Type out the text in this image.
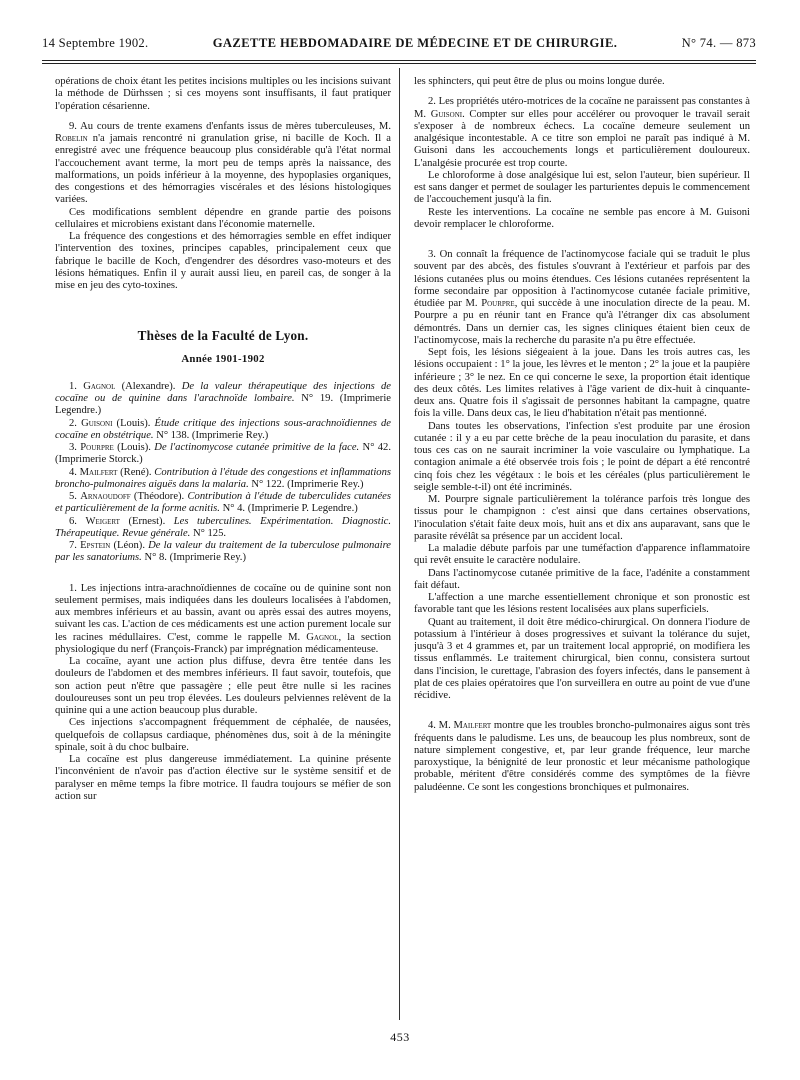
14 Septembre 1902.	GAZETTE HEBDOMADAIRE DE MÉDECINE ET DE CHIRURGIE.	N° 74. — 873

opérations de choix étant les petites incisions multiples ou les incisions suivant la méthode de Dürhssen ; si ces moyens sont insuffisants, il faut pratiquer l'opération césarienne.

9. Au cours de trente examens d'enfants issus de mères tuberculeuses, M. Robelin n'a jamais rencontré ni granulation grise, ni bacille de Koch. Il a enregistré avec une fréquence beaucoup plus considérable qu'à l'état normal l'accouchement avant terme, la mort peu de temps après la naissance, des malformations, un poids inférieur à la moyenne, des hypoplasies organiques, des congestions et des hémorragies viscérales et des lésions histologiques variées.

Ces modifications semblent dépendre en grande partie des poisons cellulaires et microbiens existant dans l'économie maternelle.

La fréquence des congestions et des hémorragies semble en effet indiquer l'intervention des toxines, principes capables, principalement ceux que fabrique le bacille de Koch, d'engendrer des désordres vaso-moteurs et des lésions hématiques. Enfin il y aurait aussi lieu, en pareil cas, de songer à la mise en jeu des cyto-toxines.

Thèses de la Faculté de Lyon.
Année 1901-1902

1. Gagnol (Alexandre). De la valeur thérapeutique des injections de cocaïne ou de quinine dans l'arachnoïde lombaire. N° 19. (Imprimerie Legendre.)

2. Guisoni (Louis). Étude critique des injections sous-arachnoïdiennes de cocaïne en obstétrique. N° 138. (Imprimerie Rey.)

3. Pourpre (Louis). De l'actinomycose cutanée primitive de la face. N° 42. (Imprimerie Storck.)

4. Mailfert (René). Contribution à l'étude des congestions et inflammations broncho-pulmonaires aiguës dans la malaria. N° 122. (Imprimerie Rey.)

5. Arnaoudoff (Théodore). Contribution à l'étude de tuberculides cutanées et particulièrement de la forme acnitis. N° 4. (Imprimerie P. Legendre.)

6. Weigert (Ernest). Les tuberculines. Expérimentation. Diagnostic. Thérapeutique. Revue générale. N° 125.

7. Epstein (Léon). De la valeur du traitement de la tuberculose pulmonaire par les sanatoriums. N° 8. (Imprimerie Rey.)

1. Les injections intra-arachnoïdiennes de cocaïne ou de quinine sont non seulement permises, mais indiquées dans les douleurs localisées à l'abdomen, aux membres inférieurs et au bassin, avant ou après essai des autres moyens, suivant les cas. L'action de ces médicaments est une action purement locale sur les racines médullaires. C'est, comme le rappelle M. Gagnol, la section physiologique du nerf (François-Franck) par imprégnation médicamenteuse.

La cocaïne, ayant une action plus diffuse, devra être tentée dans les douleurs de l'abdomen et des membres inférieurs. Il faut savoir, toutefois, que son action peut n'être que passagère ; elle peut être nulle si les racines douloureuses sont un peu trop élevées. Les douleurs pelviennes relèvent de la quinine qui a une action beaucoup plus durable.

Ces injections s'accompagnent fréquemment de céphalée, de nausées, quelquefois de collapsus cardiaque, phénomènes dus, soit à de la méningite spinale, soit à du choc bulbaire.

La cocaïne est plus dangereuse immédiatement. La quinine présente l'inconvénient de n'avoir pas d'action élective sur le système sensitif et de paralyser en même temps la fibre motrice. Il faudra toujours se méfier de son action sur

les sphincters, qui peut être de plus ou moins longue durée.

2. Les propriétés utéro-motrices de la cocaïne ne paraissent pas constantes à M. Guisoni. Compter sur elles pour accélérer ou provoquer le travail serait s'exposer à de nombreux échecs. La cocaïne demeure seulement un analgésique incontestable. A ce titre son emploi ne paraît pas indiqué à M. Guisoni dans les accouchements longs et particulièrement douloureux. L'analgésie procurée est trop courte.

Le chloroforme à dose analgésique lui est, selon l'auteur, bien supérieur. Il est sans danger et permet de soulager les parturientes depuis le commencement de l'accouchement jusqu'à la fin.

Reste les interventions. La cocaïne ne semble pas encore à M. Guisoni devoir remplacer le chloroforme.

3. On connaît la fréquence de l'actinomycose faciale qui se traduit le plus souvent par des abcès, des fistules s'ouvrant à l'extérieur et parfois par des lésions cutanées plus ou moins étendues. Ces lésions cutanées représentent la forme secondaire par opposition à l'actinomycose cutanée faciale primitive, étudiée par M. Pourpre, qui succède à une inoculation directe de la peau. M. Pourpre a pu en réunir tant en France qu'à l'étranger dix cas absolument démontrés. Dans un dernier cas, les signes cliniques étaient bien ceux de l'actinomycose, mais la recherche du parasite n'a pu être effectuée.

Sept fois, les lésions siégeaient à la joue. Dans les trois autres cas, les lésions occupaient : 1° la joue, les lèvres et le menton ; 2° la joue et la paupière inférieure ; 3° le nez. En ce qui concerne le sexe, la proportion était identique des deux côtés. Les limites relatives à l'âge varient de dix-huit à cinquante-deux ans. Quatre fois il s'agissait de personnes habitant la campagne, quatre fois la ville. Dans deux cas, le lieu d'habitation n'était pas mentionné.

Dans toutes les observations, l'infection s'est produite par une érosion cutanée : il y a eu par cette brèche de la peau inoculation du parasite, et dans tous ces cas on ne saurait incriminer la voie vasculaire ou lymphatique. La contagion animale a été observée trois fois ; le point de départ a été rencontré cinq fois chez les végétaux : le bois et les céréales (plus particulièrement le seigle semble-t-il) ont été incriminés.

M. Pourpre signale particulièrement la tolérance parfois très longue des tissus pour le champignon : c'est ainsi que dans certaines observations, l'inoculation s'était faite deux mois, huit ans et dix ans auparavant, sans que le parasite révélât sa présence par un accident local.

La maladie débute parfois par une tuméfaction d'apparence inflammatoire qui revêt ensuite le caractère nodulaire.

Dans l'actinomycose cutanée primitive de la face, l'adénite a constamment fait défaut.

L'affection a une marche essentiellement chronique et son pronostic est favorable tant que les lésions restent localisées aux plans superficiels.

Quant au traitement, il doit être médico-chirurgical. On donnera l'iodure de potassium à l'intérieur à doses progressives et suivant la tolérance du sujet, jusqu'à 3 et 4 grammes et, par un traitement local approprié, on modifiera les tissus enflammés. Le traitement chirurgical, bien connu, consistera surtout dans l'incision, le curettage, l'abrasion des foyers infectés, dans le pansement à plat de ces plaies opératoires que l'on surveillera en outre au point de vue d'une récidive.

4. M. Mailfert montre que les troubles broncho-pulmonaires aigus sont très fréquents dans le paludisme. Les uns, de beaucoup les plus nombreux, sont de nature simplement congestive, et, par leur grande fréquence, leur marche paroxystique, la bénignité de leur pronostic et leur mécanisme pathologique probable, méritent d'être considérés comme des symptômes de la fièvre paludéenne. Ce sont les congestions bronchiques et pulmonaires.

453
